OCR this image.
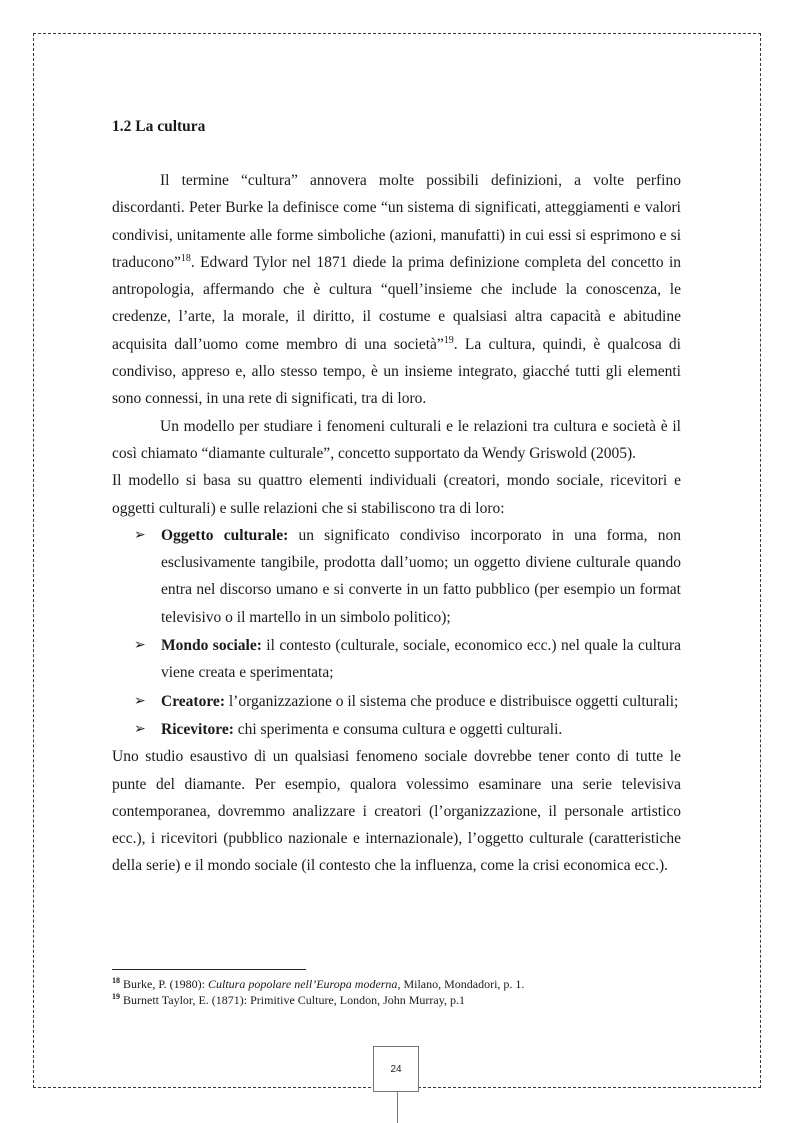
1.2 La cultura

Il termine “cultura” annovera molte possibili definizioni, a volte perfino discordanti. Peter Burke la definisce come “un sistema di significati, atteggiamenti e valori condivisi, unitamente alle forme simboliche (azioni, manufatti) in cui essi si esprimono e si traducono”$^{18}$. Edward Tylor nel 1871 diede la prima definizione completa del concetto in antropologia, affermando che è cultura “quell’insieme che include la conoscenza, le credenze, l’arte, la morale, il diritto, il costume e qualsiasi altra capacità e abitudine acquisita dall’uomo come membro di una società”$^{19}$. La cultura, quindi, è qualcosa di condiviso, appreso e, allo stesso tempo, è un insieme integrato, giacché tutti gli elementi sono connessi, in una rete di significati, tra di loro.

Un modello per studiare i fenomeni culturali e le relazioni tra cultura e società è il così chiamato “diamante culturale”, concetto supportato da Wendy Griswold (2005).

Il modello si basa su quattro elementi individuali (creatori, mondo sociale, ricevitori e oggetti culturali) e sulle relazioni che si stabiliscono tra di loro:

➢ Oggetto culturale: un significato condiviso incorporato in una forma, non esclusivamente tangibile, prodotta dall’uomo; un oggetto diviene culturale quando entra nel discorso umano e si converte in un fatto pubblico (per esempio un format televisivo o il martello in un simbolo politico);
➢ Mondo sociale: il contesto (culturale, sociale, economico ecc.) nel quale la cultura viene creata e sperimentata;
➢ Creatore: l’organizzazione o il sistema che produce e distribuisce oggetti culturali;
➢ Ricevitore: chi sperimenta e consuma cultura e oggetti culturali.

Uno studio esaustivo di un qualsiasi fenomeno sociale dovrebbe tener conto di tutte le punte del diamante. Per esempio, qualora volessimo esaminare una serie televisiva contemporanea, dovremmo analizzare i creatori (l’organizzazione, il personale artistico ecc.), i ricevitori (pubblico nazionale e internazionale), l’oggetto culturale (caratteristiche della serie) e il mondo sociale (il contesto che la influenza, come la crisi economica ecc.).

$^{18}$ Burke, P. (1980): Cultura popolare nell’Europa moderna, Milano, Mondadori, p. 1.
$^{19}$ Burnett Taylor, E. (1871): Primitive Culture, London, John Murray, p.1
24
